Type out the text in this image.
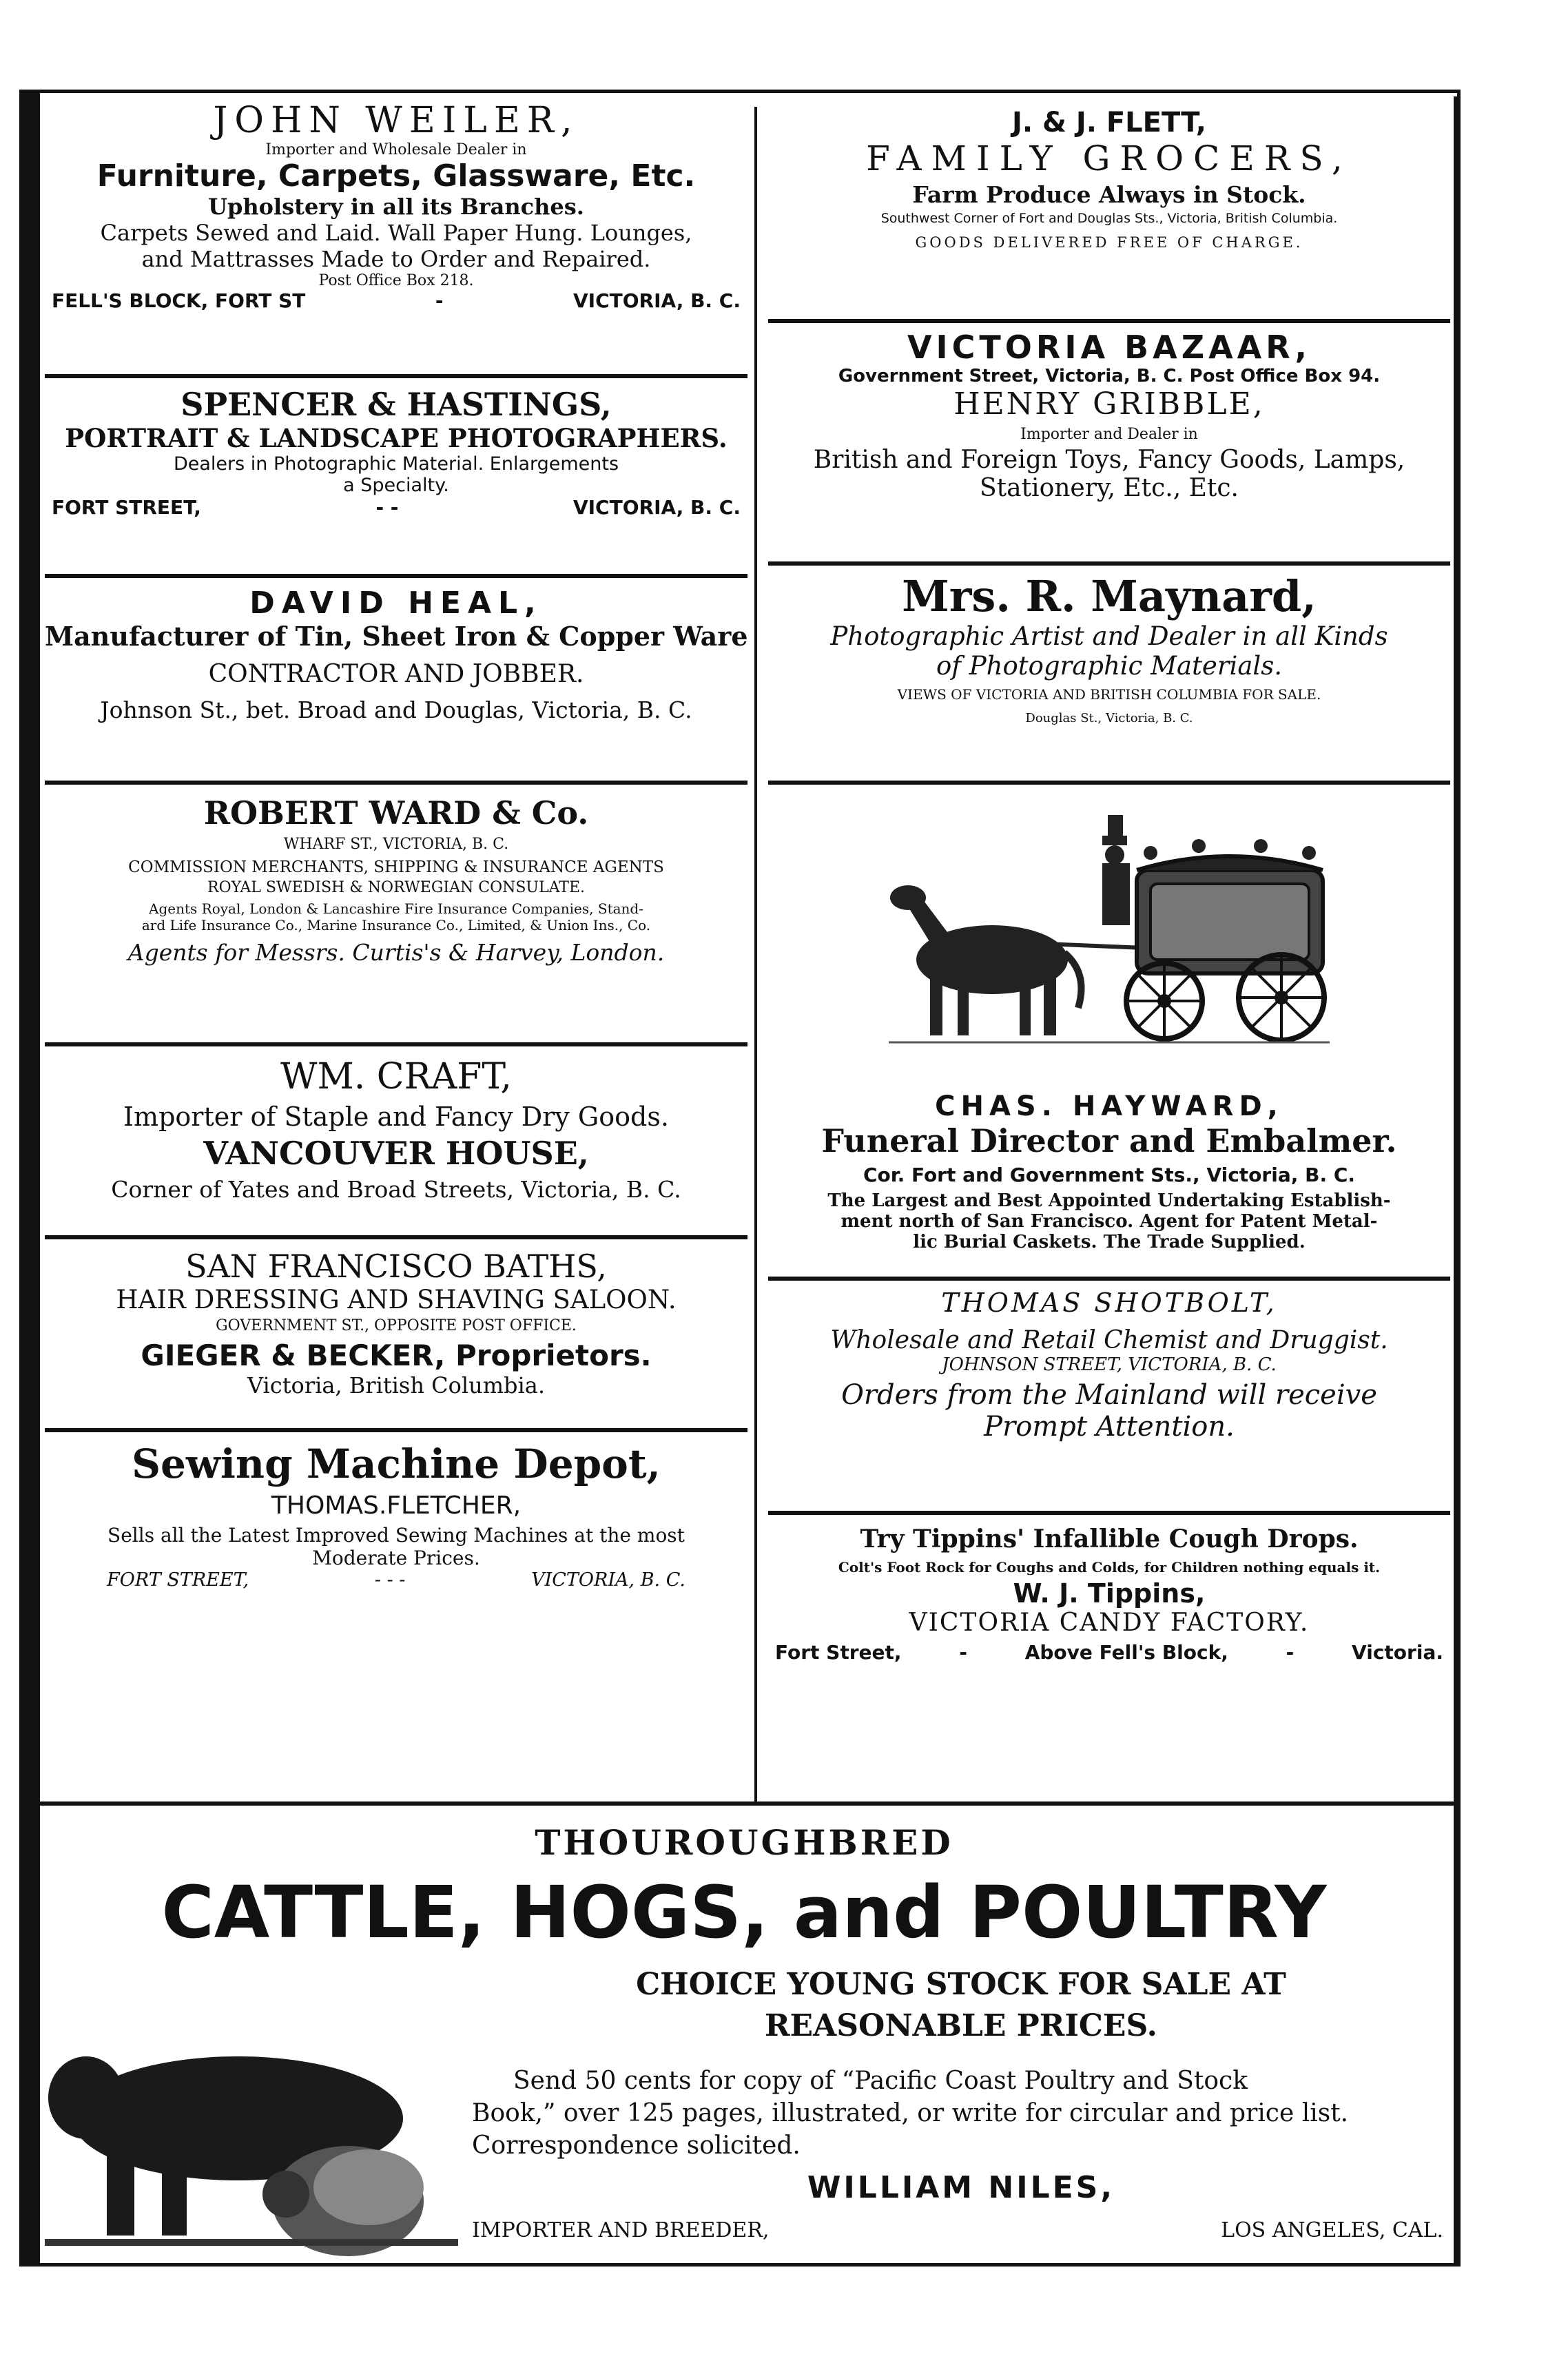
JOHN WEILER,
Importer and Wholesale Dealer in
Furniture, Carpets, Glassware, Etc.
Upholstery in all its Branches.
Carpets Sewed and Laid. Wall Paper Hung. Lounges,
and Mattrasses Made to Order and Repaired.
Post Office Box 218.
FELL'S BLOCK, FORT ST	-	VICTORIA, B. C.
SPENCER & HASTINGS,
PORTRAIT & LANDSCAPE PHOTOGRAPHERS.
Dealers in Photographic Material. Enlargements
a Specialty.
FORT STREET,	- -	VICTORIA, B. C.
DAVID HEAL,
Manufacturer of Tin, Sheet Iron & Copper Ware
CONTRACTOR AND JOBBER.
Johnson St., bet. Broad and Douglas, Victoria, B. C.
ROBERT WARD & Co.
WHARF ST., VICTORIA, B. C.
COMMISSION MERCHANTS, SHIPPING & INSURANCE AGENTS
ROYAL SWEDISH & NORWEGIAN CONSULATE.
Agents Royal, London & Lancashire Fire Insurance Companies, Stand-
ard Life Insurance Co., Marine Insurance Co., Limited, & Union Ins., Co.
Agents for Messrs. Curtis's & Harvey, London.
WM. CRAFT,
Importer of Staple and Fancy Dry Goods.
VANCOUVER HOUSE,
Corner of Yates and Broad Streets, Victoria, B. C.
SAN FRANCISCO BATHS,
HAIR DRESSING AND SHAVING SALOON.
GOVERNMENT ST., OPPOSITE POST OFFICE.
GIEGER & BECKER, Proprietors.
Victoria, British Columbia.
Sewing Machine Depot,
THOMAS.FLETCHER,
Sells all the Latest Improved Sewing Machines at the most
Moderate Prices.
FORT STREET,	- - -	VICTORIA, B. C.
J. & J. FLETT,
FAMILY GROCERS,
Farm Produce Always in Stock.
Southwest Corner of Fort and Douglas Sts., Victoria, British Columbia.
GOODS DELIVERED FREE OF CHARGE.
VICTORIA BAZAAR,
Government Street, Victoria, B. C. Post Office Box 94.
HENRY GRIBBLE,
Importer and Dealer in
British and Foreign Toys, Fancy Goods, Lamps,
Stationery, Etc., Etc.
Mrs. R. Maynard,
Photographic Artist and Dealer in all Kinds
of Photographic Materials.
VIEWS OF VICTORIA AND BRITISH COLUMBIA FOR SALE.
Douglas St., Victoria, B. C.
CHAS. HAYWARD,
Funeral Director and Embalmer.
Cor. Fort and Government Sts., Victoria, B. C.
The Largest and Best Appointed Undertaking Establish-
ment north of San Francisco. Agent for Patent Metal-
lic Burial Caskets. The Trade Supplied.
THOMAS SHOTBOLT,
Wholesale and Retail Chemist and Druggist.
JOHNSON STREET, VICTORIA, B. C.
Orders from the Mainland will receive
Prompt Attention.
Try Tippins' Infallible Cough Drops.
Colt's Foot Rock for Coughs and Colds, for Children nothing equals it.
W. J. Tippins,
VICTORIA CANDY FACTORY.
Fort Street,	-	Above Fell's Block,	-	Victoria.
THOUROUGHBRED
CATTLE, HOGS, and POULTRY
CHOICE YOUNG STOCK FOR SALE AT
REASONABLE PRICES.
Send 50 cents for copy of “Pacific Coast Poultry and Stock
Book,” over 125 pages, illustrated, or write for circular and price list.
Correspondence solicited.
WILLIAM NILES,
IMPORTER AND BREEDER,	LOS ANGELES, CAL.
